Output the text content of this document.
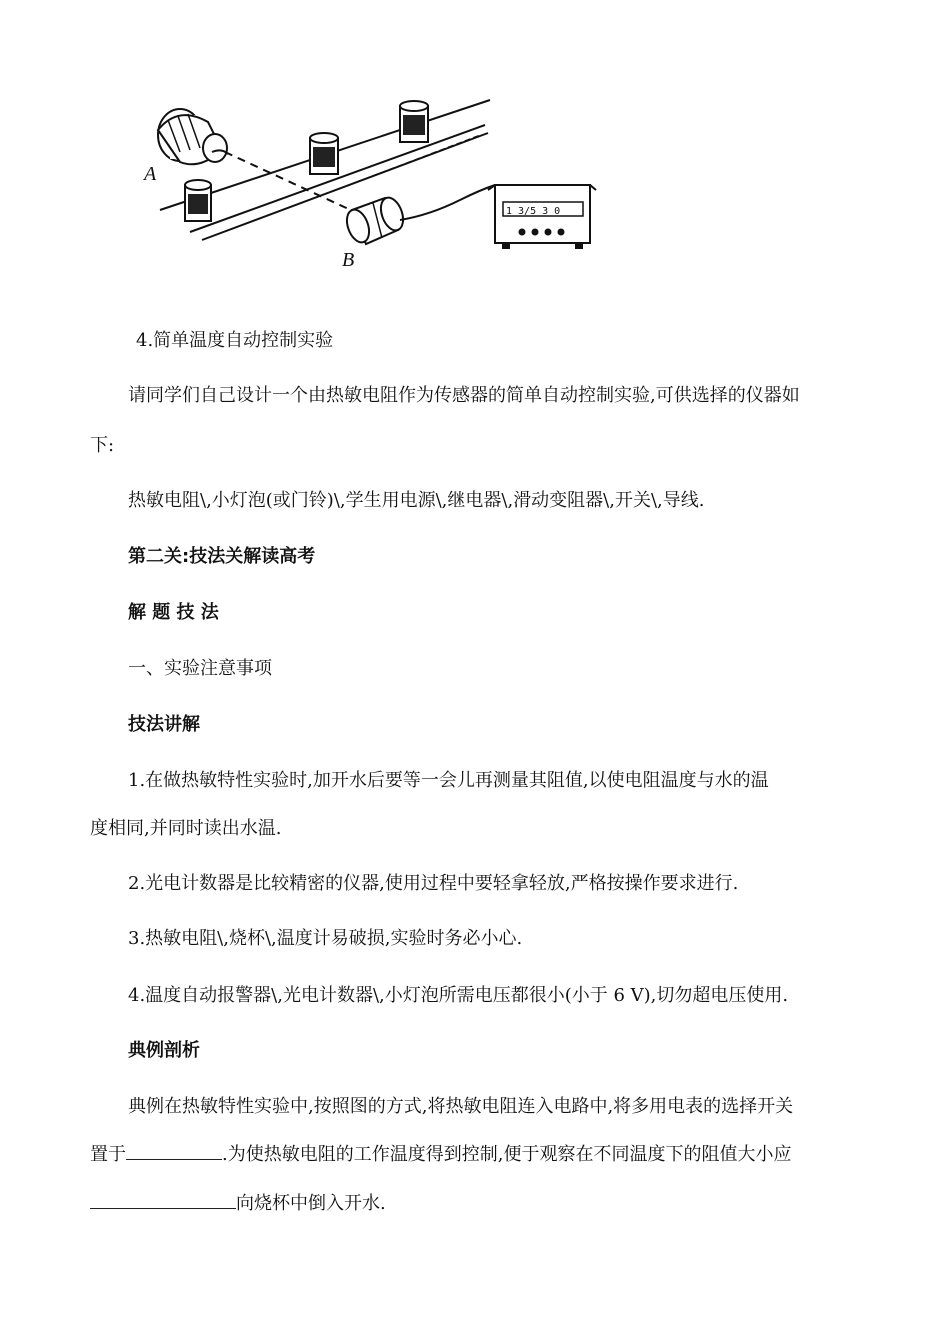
1 3/5 3 0
A
B
4.简单温度自动控制实验
请同学们自己设计一个由热敏电阻作为传感器的简单自动控制实验,可供选择的仪器如
下:
热敏电阻\,小灯泡(或门铃)\,学生用电源\,继电器\,滑动变阻器\,开关\,导线.
第二关:技法关解读高考
解 题 技 法
一、实验注意事项
技法讲解
1.在做热敏特性实验时,加开水后要等一会儿再测量其阻值,以使电阻温度与水的温
度相同,并同时读出水温.
2.光电计数器是比较精密的仪器,使用过程中要轻拿轻放,严格按操作要求进行.
3.热敏电阻\,烧杯\,温度计易破损,实验时务必小心.
4.温度自动报警器\,光电计数器\,小灯泡所需电压都很小(小于 6 V),切勿超电压使用.
典例剖析
典例在热敏特性实验中,按照图的方式,将热敏电阻连入电路中,将多用电表的选择开关
置于	.为使热敏电阻的工作温度得到控制,便于观察在不同温度下的阻值大小应
向烧杯中倒入开水.
